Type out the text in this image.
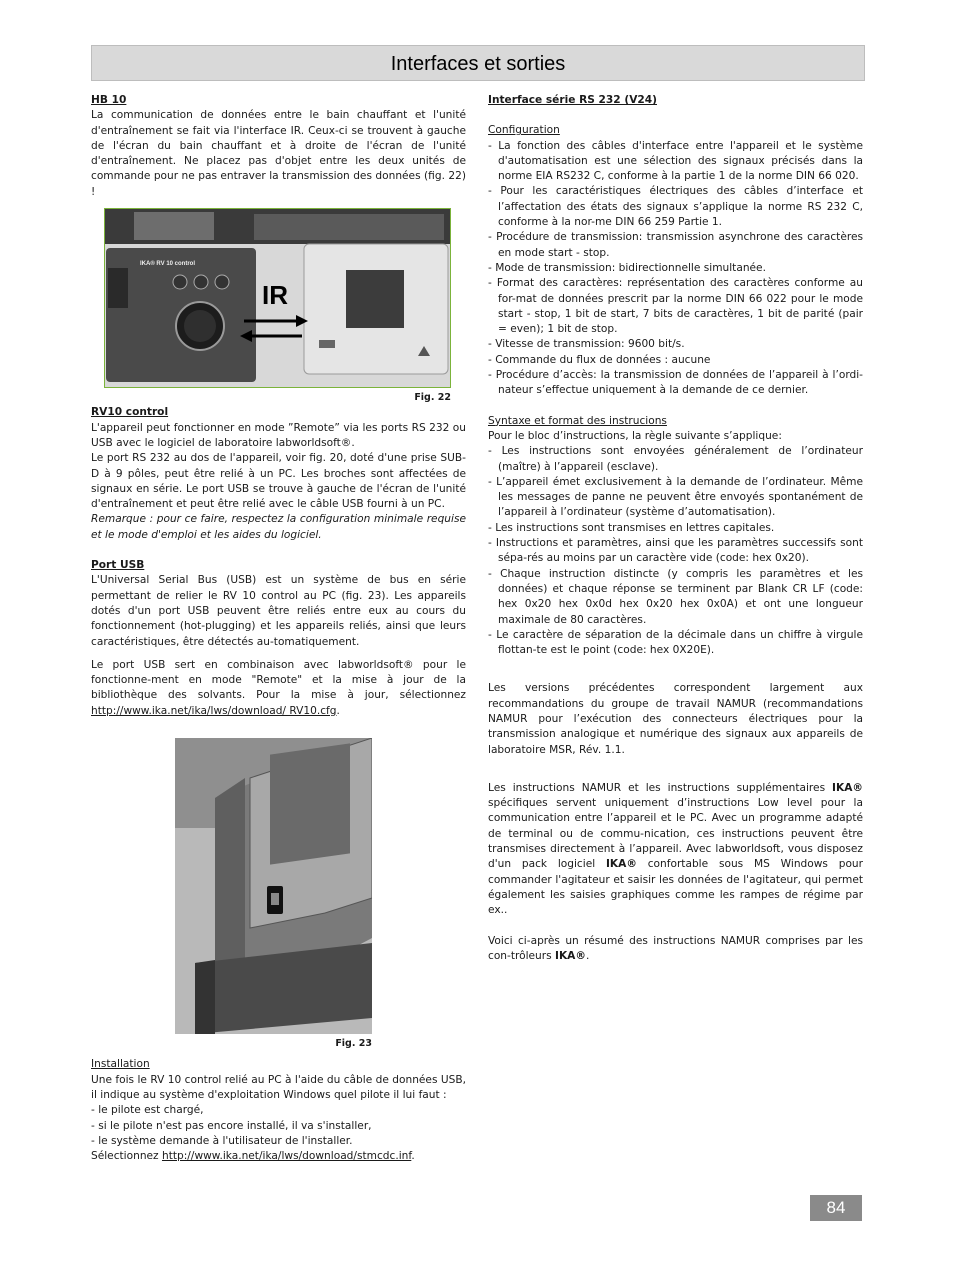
Interfaces et sorties

HB 10

La communication de données entre le bain chauffant et l'unité d'entraînement se fait via l'interface IR. Ceux-ci se trouvent à gauche de l'écran du bain chauffant et à droite de l'écran de l'unité d'entraînement. Ne placez pas d'objet entre les deux unités de commande pour ne pas entraver la transmission des données (fig. 22) !

IKA® RV 10 control
IR
Fig. 22

RV10 control

L'appareil peut fonctionner en mode ”Remote” via les ports RS 232 ou USB avec le logiciel de laboratoire labworldsoft®.

Le port RS 232 au dos de l'appareil, voir fig. 20, doté d'une prise SUB-D à 9 pôles, peut être relié à un PC. Les broches sont affectées de signaux en série. Le port USB se trouve à gauche de l'écran de l'unité d'entraînement et peut être relié avec le câble USB fourni à un PC.

Remarque : pour ce faire, respectez la configuration minimale requise et le mode d'emploi et les aides du logiciel.

Port USB

L'Universal Serial Bus (USB) est un système de bus en série permettant de relier le RV 10 control au PC (fig. 23). Les appareils dotés d'un port USB peuvent être reliés entre eux au cours du fonctionnement (hot-plugging) et les appareils reliés, ainsi que leurs caractéristiques, être détectés au-tomatiquement.

Le port USB sert en combinaison avec labworldsoft® pour le fonctionne-ment en mode "Remote" et la mise à jour de la bibliothèque des solvants. Pour la mise à jour, sélectionnez http://www.ika.net/ika/lws/download/ RV10.cfg.

Fig. 23

Installation

Une fois le RV 10 control relié au PC à l'aide du câble de données USB, il indique au système d'exploitation Windows quel pilote il lui faut :

- le pilote est chargé,

- si le pilote n'est pas encore installé, il va s'installer,

- le système demande à l'utilisateur de l'installer.

Sélectionnez http://www.ika.net/ika/lws/download/stmcdc.inf.

Interface série RS 232 (V24)

Configuration

- La fonction des câbles d'interface entre l'appareil et le système d'automatisation est une sélection des signaux précisés dans la norme EIA RS232 C, conforme à la partie 1 de la norme DIN 66 020.
- Pour les caractéristiques électriques des câbles d’interface et l’affectation des états des signaux s’applique la norme RS 232 C, conforme à la nor-me DIN 66 259 Partie 1.
- Procédure de transmission: transmission asynchrone des caractères en mode start - stop.
- Mode de transmission: bidirectionnelle simultanée.
- Format des caractères: représentation des caractères conforme au for-mat de données prescrit par la norme DIN 66 022 pour le mode start - stop, 1 bit de start, 7 bits de caractères, 1 bit de parité (pair = even); 1 bit de stop.
- Vitesse de transmission: 9600 bit/s.
- Commande du flux de données : aucune
- Procédure d’accès: la transmission de données de l’appareil à l’ordi-nateur s’effectue uniquement à la demande de ce dernier.

Syntaxe et format des instrucions

Pour le bloc d’instructions, la règle suivante s’applique:

- Les instructions sont envoyées généralement de l’ordinateur (maître) à l’appareil (esclave).
- L’appareil émet exclusivement à la demande de l’ordinateur. Même les messages de panne ne peuvent être envoyés spontanément de l’appareil à l’ordinateur (système d’automatisation).
- Les instructions sont transmises en lettres capitales.
- Instructions et paramètres, ainsi que les paramètres successifs sont sépa-rés au moins par un caractère vide (code: hex 0x20).
- Chaque instruction distincte (y compris les paramètres et les données) et chaque réponse se terminent par Blank CR LF (code: hex 0x20 hex 0x0d hex 0x20 hex 0x0A) et ont une longueur maximale de 80 caractères.
- Le caractère de séparation de la décimale dans un chiffre à virgule flottan-te est le point (code: hex 0X20E).

Les versions précédentes correspondent largement aux recommandations du groupe de travail NAMUR (recommandations NAMUR pour l’exécution des connecteurs électriques pour la transmission analogique et numérique des signaux aux appareils de laboratoire MSR, Rév. 1.1.

Les instructions NAMUR et les instructions supplémentaires IKA® spécifiques servent uniquement d’instructions Low level pour la communication entre l’appareil et le PC. Avec un programme adapté de terminal ou de commu-nication, ces instructions peuvent être transmises directement à l’appareil. Avec labworldsoft, vous disposez d'un pack logiciel IKA® confortable sous MS Windows pour commander l'agitateur et saisir les données de l'agitateur, qui permet également les saisies graphiques comme les rampes de régime par ex..

Voici ci-après un résumé des instructions NAMUR comprises par les con-trôleurs IKA®.

84
